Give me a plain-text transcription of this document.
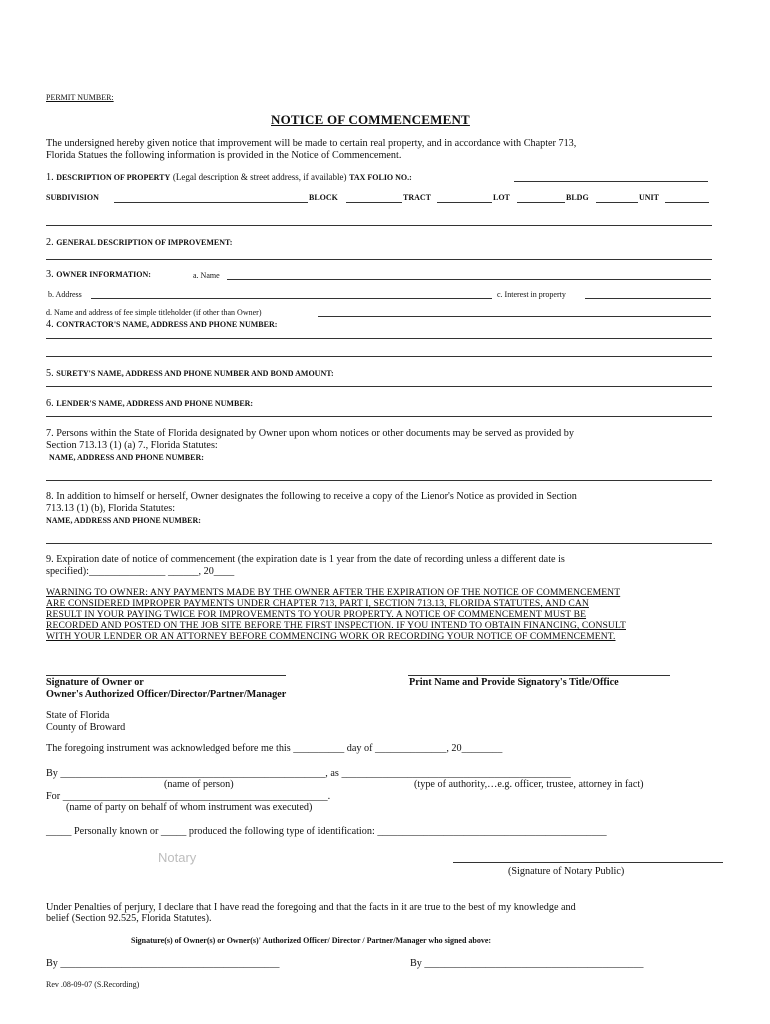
PERMIT NUMBER:
NOTICE OF COMMENCEMENT
The undersigned hereby given notice that improvement will be made to certain real property, and in accordance with Chapter 713,
Florida Statues the following information is provided in the Notice of Commencement.
1. DESCRIPTION OF PROPERTY (Legal description & street address, if available) TAX FOLIO NO.:
SUBDIVISION	BLOCK	TRACT	LOT	BLDG	UNIT
2. GENERAL DESCRIPTION OF IMPROVEMENT:
3. OWNER INFORMATION:	a. Name
b. Address	c. Interest in property
d. Name and address of fee simple titleholder (if other than Owner)
4. CONTRACTOR'S NAME, ADDRESS AND PHONE NUMBER:
5. SURETY'S NAME, ADDRESS AND PHONE NUMBER AND BOND AMOUNT:
6. LENDER'S NAME, ADDRESS AND PHONE NUMBER:
7. Persons within the State of Florida designated by Owner upon whom notices or other documents may be served as provided by
Section 713.13 (1) (a) 7., Florida Statutes:
NAME, ADDRESS AND PHONE NUMBER:
8. In addition to himself or herself, Owner designates the following to receive a copy of the Lienor's Notice as provided in Section
713.13 (1) (b), Florida Statutes:
NAME, ADDRESS AND PHONE NUMBER:
9. Expiration date of notice of commencement (the expiration date is 1 year from the date of recording unless a different date is
specified):_______________ ______, 20____
WARNING TO OWNER: ANY PAYMENTS MADE BY THE OWNER AFTER THE EXPIRATION OF THE NOTICE OF COMMENCEMENT
ARE CONSIDERED IMPROPER PAYMENTS UNDER CHAPTER 713, PART I, SECTION 713.13, FLORIDA STATUTES, AND CAN
RESULT IN YOUR PAYING TWICE FOR IMPROVEMENTS TO YOUR PROPERTY. A NOTICE OF COMMENCEMENT MUST BE
RECORDED AND POSTED ON THE JOB SITE BEFORE THE FIRST INSPECTION. IF YOU INTEND TO OBTAIN FINANCING, CONSULT
WITH YOUR LENDER OR AN ATTORNEY BEFORE COMMENCING WORK OR RECORDING YOUR NOTICE OF COMMENCEMENT.
Signature of Owner or
Owner's Authorized Officer/Director/Partner/Manager
Print Name and Provide Signatory's Title/Office
State of Florida
County of Broward
The foregoing instrument was acknowledged before me this __________ day of ______________, 20________
By ____________________________________________________, as _____________________________________________
(name of person)	(type of authority,…e.g. officer, trustee, attorney in fact)
For ____________________________________________________.
(name of party on behalf of whom instrument was executed)
_____ Personally known or _____ produced the following type of identification: _____________________________________________
Notary
(Signature of Notary Public)
Under Penalties of perjury, I declare that I have read the foregoing and that the facts in it are true to the best of my knowledge and
belief (Section 92.525, Florida Statutes).
Signature(s) of Owner(s) or Owner(s)' Authorized Officer/ Director / Partner/Manager who signed above:
By ___________________________________________	By ___________________________________________
Rev .08-09-07 (S.Recording)
